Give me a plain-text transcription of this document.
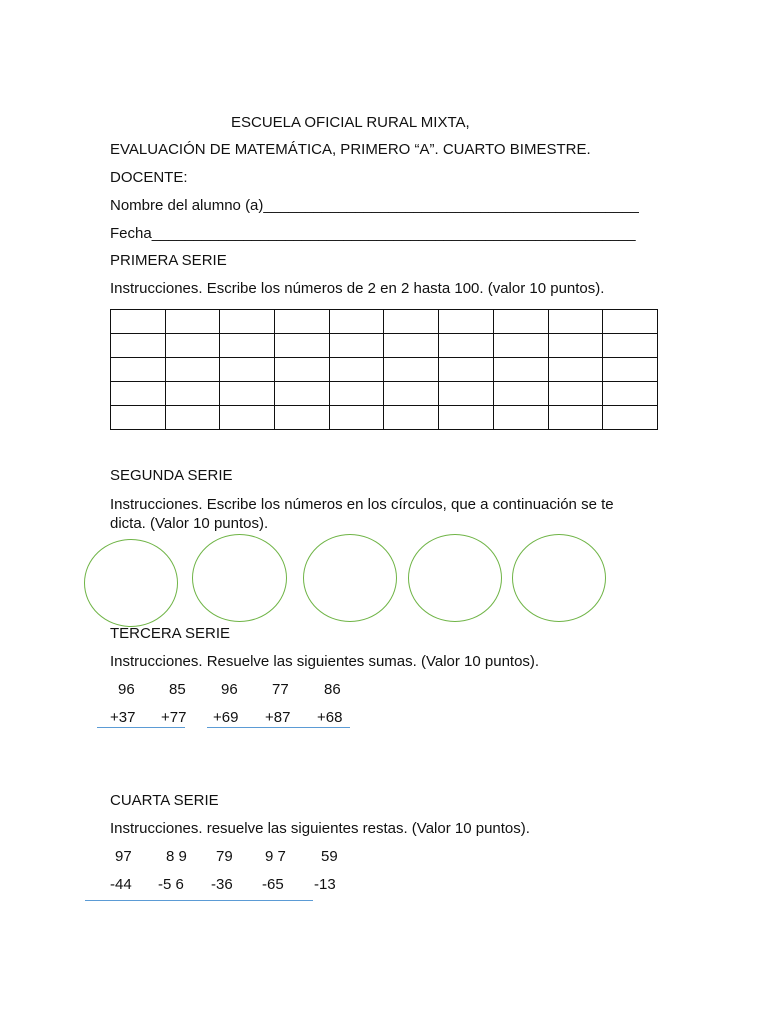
ESCUELA OFICIAL RURAL MIXTA,
EVALUACIÓN DE MATEMÁTICA, PRIMERO “A”. CUARTO BIMESTRE.
DOCENTE:
Nombre del alumno (a)_____________________________________________
Fecha__________________________________________________________
PRIMERA SERIE
Instrucciones. Escribe los números de 2 en 2 hasta 100. (valor 10 puntos).

SEGUNDA SERIE
Instrucciones. Escribe los números en los círculos, que a continuación se te dicta. (Valor 10 puntos).
TERCERA SERIE
Instrucciones. Resuelve las siguientes sumas. (Valor 10 puntos).
96 85 96 77 86
+37 +77 +69 +87 +68
CUARTA SERIE
Instrucciones. resuelve las siguientes restas. (Valor 10 puntos).
97 8 9 79 9 7 59
-44 -5 6 -36 -65 -13
